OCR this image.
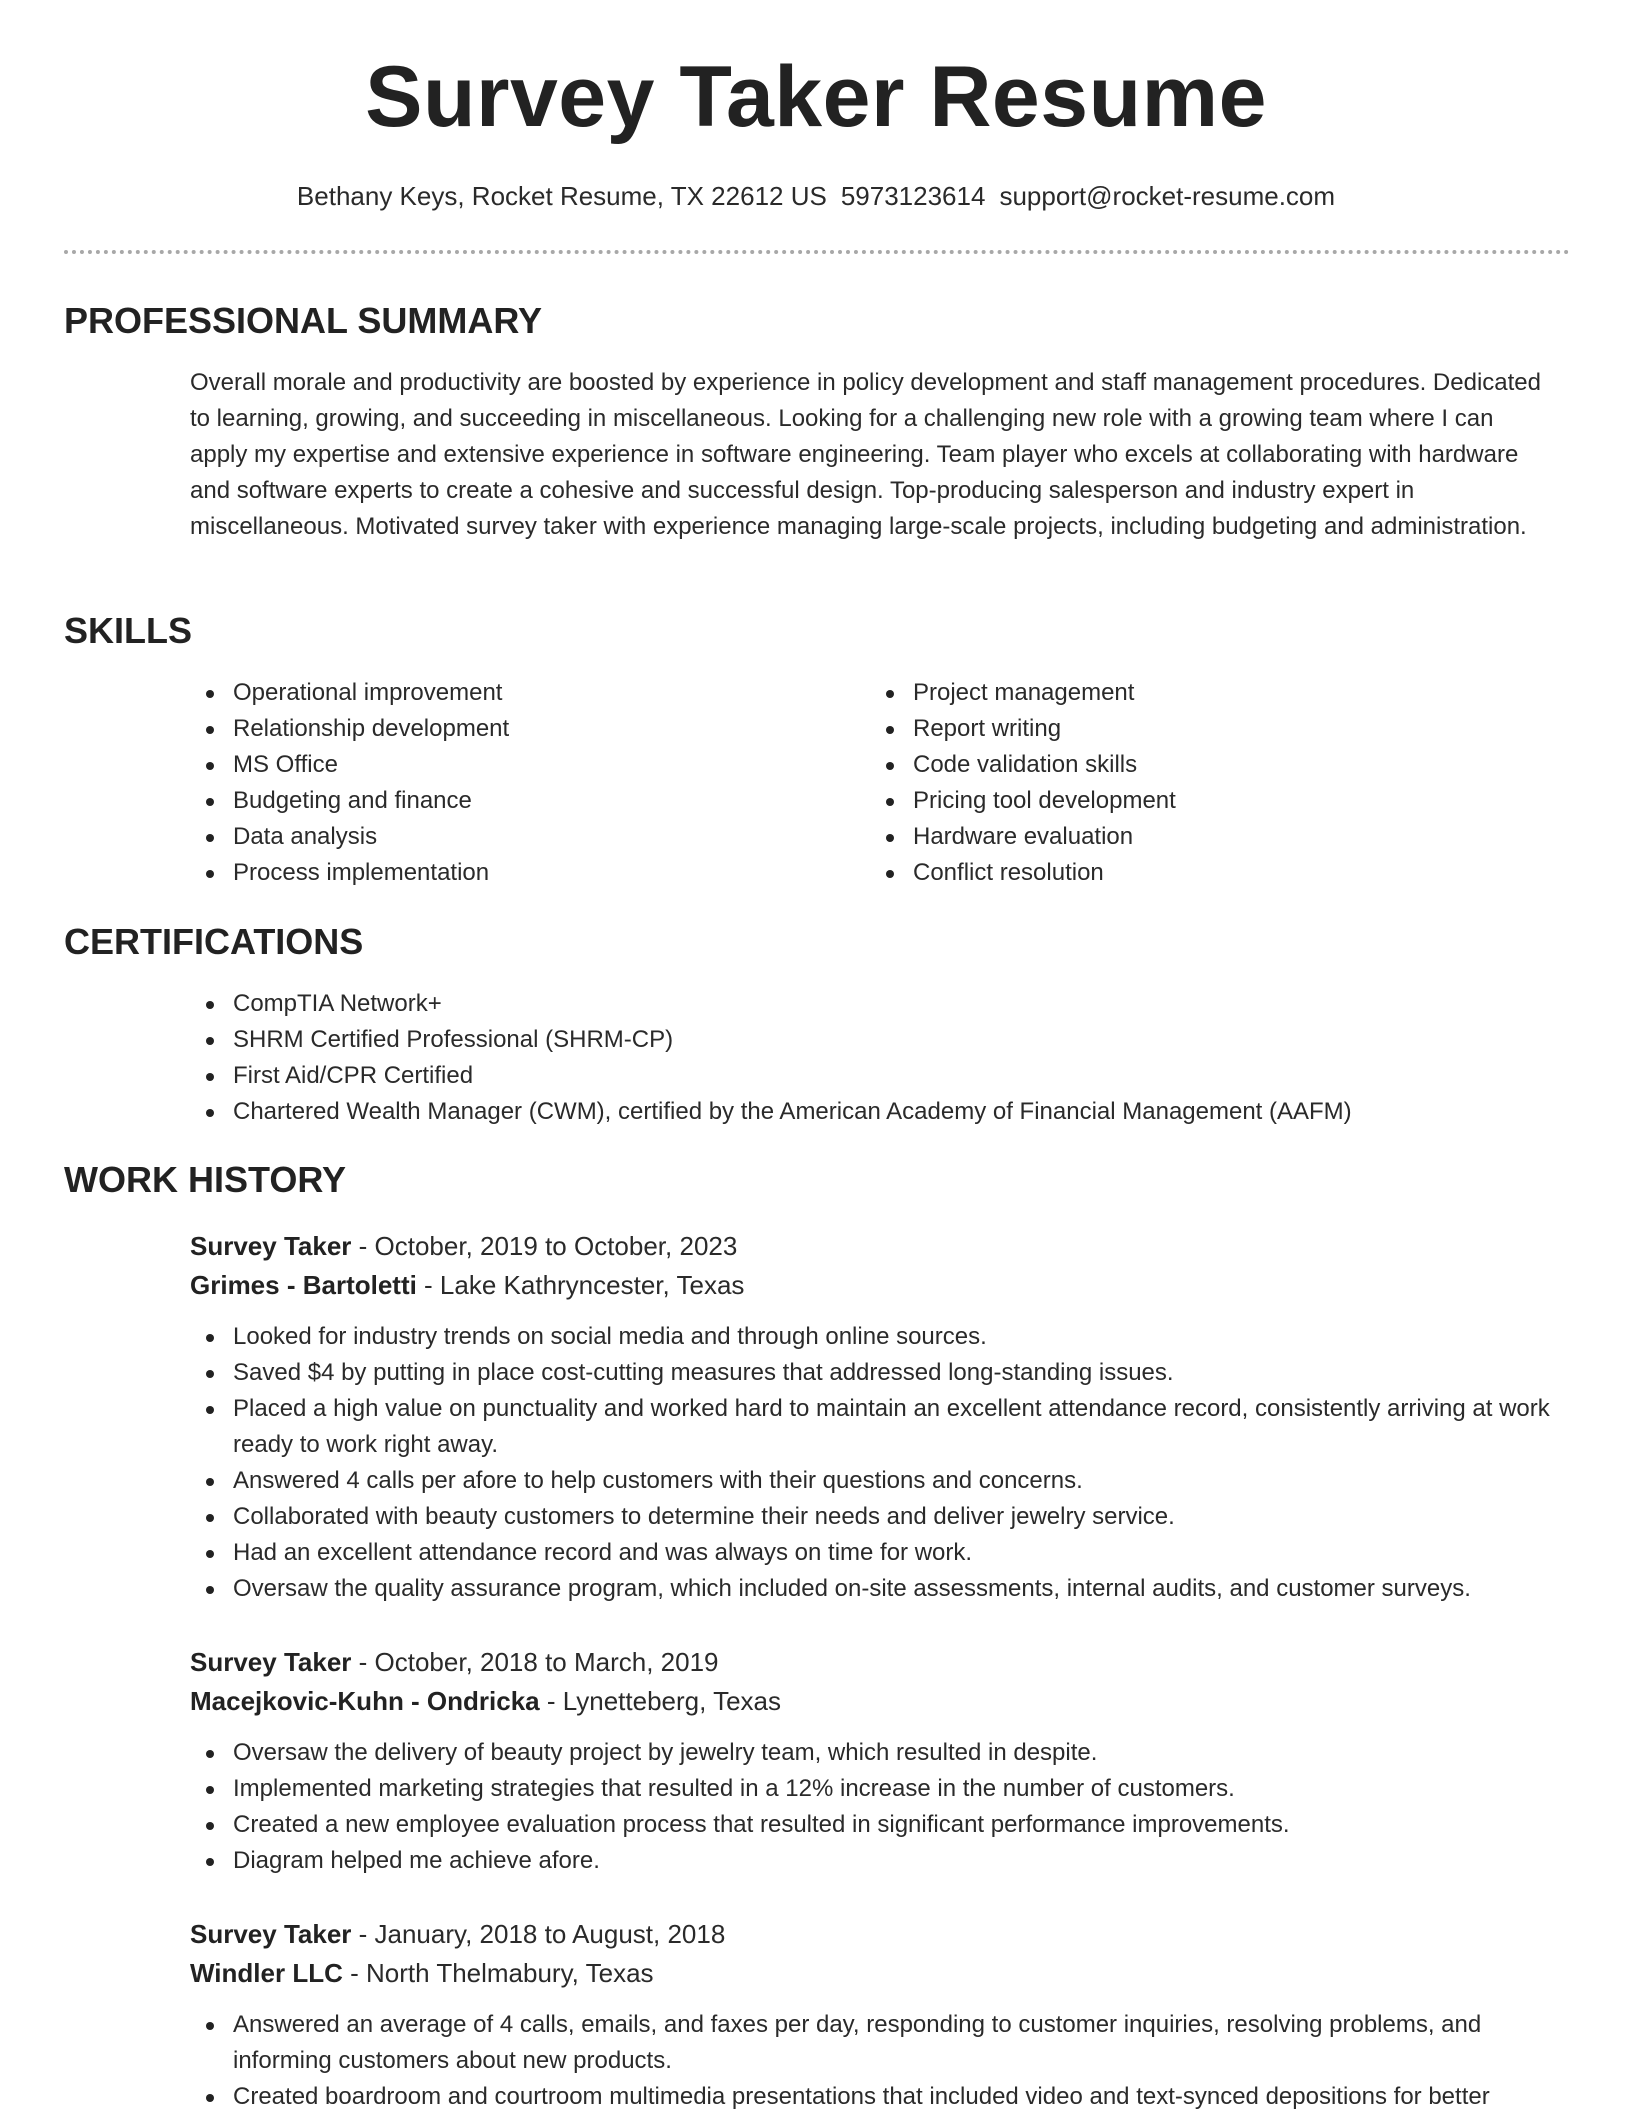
Survey Taker Resume
Bethany Keys, Rocket Resume, TX 22612 US 5973123614 support@rocket-resume.com
PROFESSIONAL SUMMARY

Overall morale and productivity are boosted by experience in policy development and staff management procedures. Dedicated to learning, growing, and succeeding in miscellaneous. Looking for a challenging new role with a growing team where I can apply my expertise and extensive experience in software engineering. Team player who excels at collaborating with hardware and software experts to create a cohesive and successful design. Top-producing salesperson and industry expert in miscellaneous. Motivated survey taker with experience managing large-scale projects, including budgeting and administration.

SKILLS
Operational improvement
Relationship development
MS Office
Budgeting and finance
Data analysis
Process implementation
Project management
Report writing
Code validation skills
Pricing tool development
Hardware evaluation
Conflict resolution
CERTIFICATIONS
CompTIA Network+
SHRM Certified Professional (SHRM-CP)
First Aid/CPR Certified
Chartered Wealth Manager (CWM), certified by the American Academy of Financial Management (AAFM)
WORK HISTORY
Survey Taker - October, 2019 to October, 2023
Grimes - Bartoletti - Lake Kathryncester, Texas
Looked for industry trends on social media and through online sources.
Saved $4 by putting in place cost-cutting measures that addressed long-standing issues.
Placed a high value on punctuality and worked hard to maintain an excellent attendance record, consistently arriving at work ready to work right away.
Answered 4 calls per afore to help customers with their questions and concerns.
Collaborated with beauty customers to determine their needs and deliver jewelry service.
Had an excellent attendance record and was always on time for work.
Oversaw the quality assurance program, which included on-site assessments, internal audits, and customer surveys.
Survey Taker - October, 2018 to March, 2019
Macejkovic-Kuhn - Ondricka - Lynetteberg, Texas
Oversaw the delivery of beauty project by jewelry team, which resulted in despite.
Implemented marketing strategies that resulted in a 12% increase in the number of customers.
Created a new employee evaluation process that resulted in significant performance improvements.
Diagram helped me achieve afore.
Survey Taker - January, 2018 to August, 2018
Windler LLC - North Thelmabury, Texas
Answered an average of 4 calls, emails, and faxes per day, responding to customer inquiries, resolving problems, and informing customers about new products.
Created boardroom and courtroom multimedia presentations that included video and text-synced depositions for better
